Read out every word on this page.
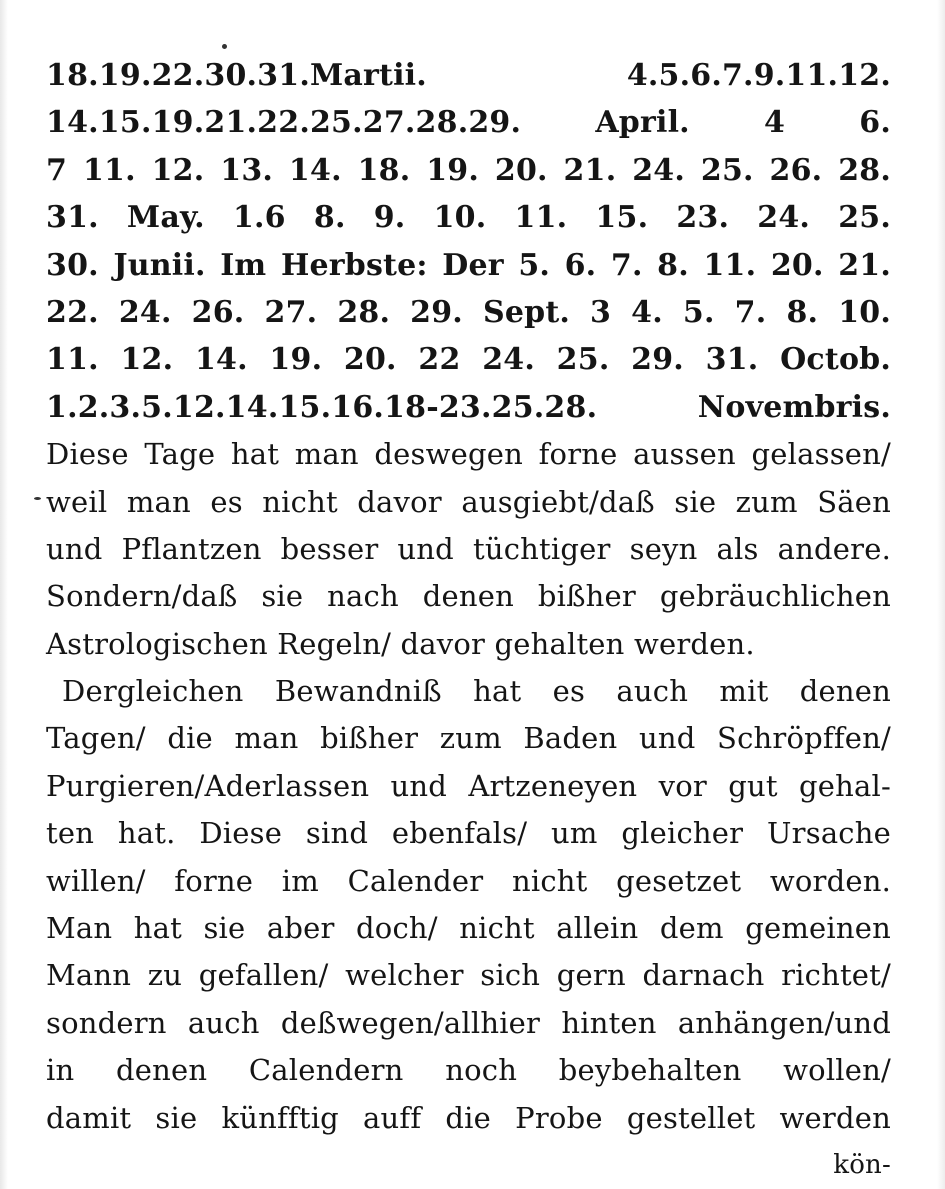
18.19.22.30.31.Martii. 4.5.6.7.9.11.12.
14.15.19.21.22.25.27.28.29. April. 4 6.
7 11. 12. 13. 14. 18. 19. 20. 21. 24. 25. 26. 28.
31. May. 1.6 8. 9. 10. 11. 15. 23. 24. 25.
30. Junii. Im Herbste: Der 5. 6. 7. 8. 11. 20. 21.
22. 24. 26. 27. 28. 29. Sept. 3 4. 5. 7. 8. 10.
11. 12. 14. 19. 20. 22 24. 25. 29. 31. Octob.
1.2.3.5.12.14.15.16.18-23.25.28. Novembris.
Diese Tage hat man deswegen forne aussen gelassen/
weil man es nicht davor ausgiebt/daß sie zum Säen
und Pflantzen besser und tüchtiger seyn als andere.
Sondern/daß sie nach denen bißher gebräuchlichen
Astrologischen Regeln/ davor gehalten werden.
Dergleichen Bewandniß hat es auch mit denen
Tagen/ die man bißher zum Baden und Schröpffen/
Purgieren/Aderlassen und Artzeneyen vor gut gehal-
ten hat. Diese sind ebenfals/ um gleicher Ursache
willen/ forne im Calender nicht gesetzet worden.
Man hat sie aber doch/ nicht allein dem gemeinen
Mann zu gefallen/ welcher sich gern darnach richtet/
sondern auch deßwegen/allhier hinten anhängen/und
in denen Calendern noch beybehalten wollen/
damit sie künfftig auff die Probe gestellet werden
kön-
